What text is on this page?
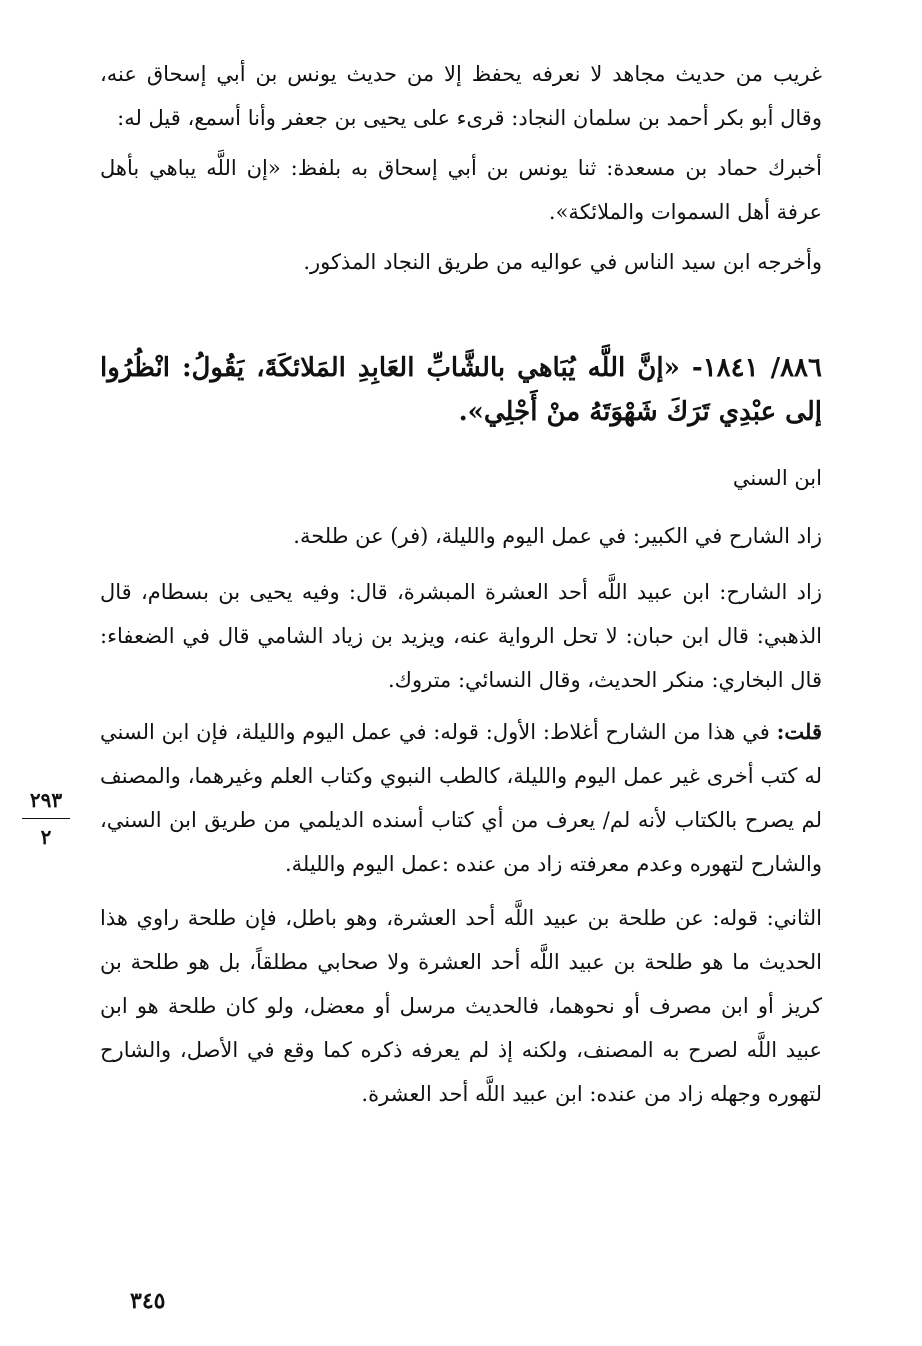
غريب من حديث مجاهد لا نعرفه يحفظ إلا من حديث يونس بن أبي إسحاق عنه، وقال أبو بكر أحمد بن سلمان النجاد: قرىء على يحيى بن جعفر وأنا أسمع، قيل له:

أخبرك حماد بن مسعدة: ثنا يونس بن أبي إسحاق به بلفظ: «إن اللَّه يباهي بأهل عرفة أهل السموات والملائكة».

وأخرجه ابن سيد الناس في عواليه من طريق النجاد المذكور.

٨٨٦/ ١٨٤١- «إنَّ اللَّه يُبَاهي بالشَّابِّ العَابِدِ المَلائكَةَ، يَقُولُ: انْظُرُوا إلى عبْدِي تَرَكَ شَهْوَتَهُ منْ أَجْلِي».

ابن السني

زاد الشارح في الكبير: في عمل اليوم والليلة، (فر) عن طلحة.

زاد الشارح: ابن عبيد اللَّه أحد العشرة المبشرة، قال: وفيه يحيى بن بسطام، قال الذهبي: قال ابن حبان: لا تحل الرواية عنه، ويزيد بن زياد الشامي قال في الضعفاء: قال البخاري: منكر الحديث، وقال النسائي: متروك.

قلت: في هذا من الشارح أغلاط: الأول: قوله: في عمل اليوم والليلة، فإن ابن السني له كتب أخرى غير عمل اليوم والليلة، كالطب النبوي وكتاب العلم وغيرهما، والمصنف لم يصرح بالكتاب لأنه لم/ يعرف من أي كتاب أسنده الديلمي من طريق ابن السني، والشارح لتهوره وعدم معرفته زاد من عنده :عمل اليوم والليلة.

الثاني: قوله: عن طلحة بن عبيد اللَّه أحد العشرة، وهو باطل، فإن طلحة راوي هذا الحديث ما هو طلحة بن عبيد اللَّه أحد العشرة ولا صحابي مطلقاً، بل هو طلحة بن كريز أو ابن مصرف أو نحوهما، فالحديث مرسل أو معضل، ولو كان طلحة هو ابن عبيد اللَّه لصرح به المصنف، ولكنه إذ لم يعرفه ذكره كما وقع في الأصل، والشارح لتهوره وجهله زاد من عنده: ابن عبيد اللَّه أحد العشرة.

٢٩٣
٢
٣٤٥
